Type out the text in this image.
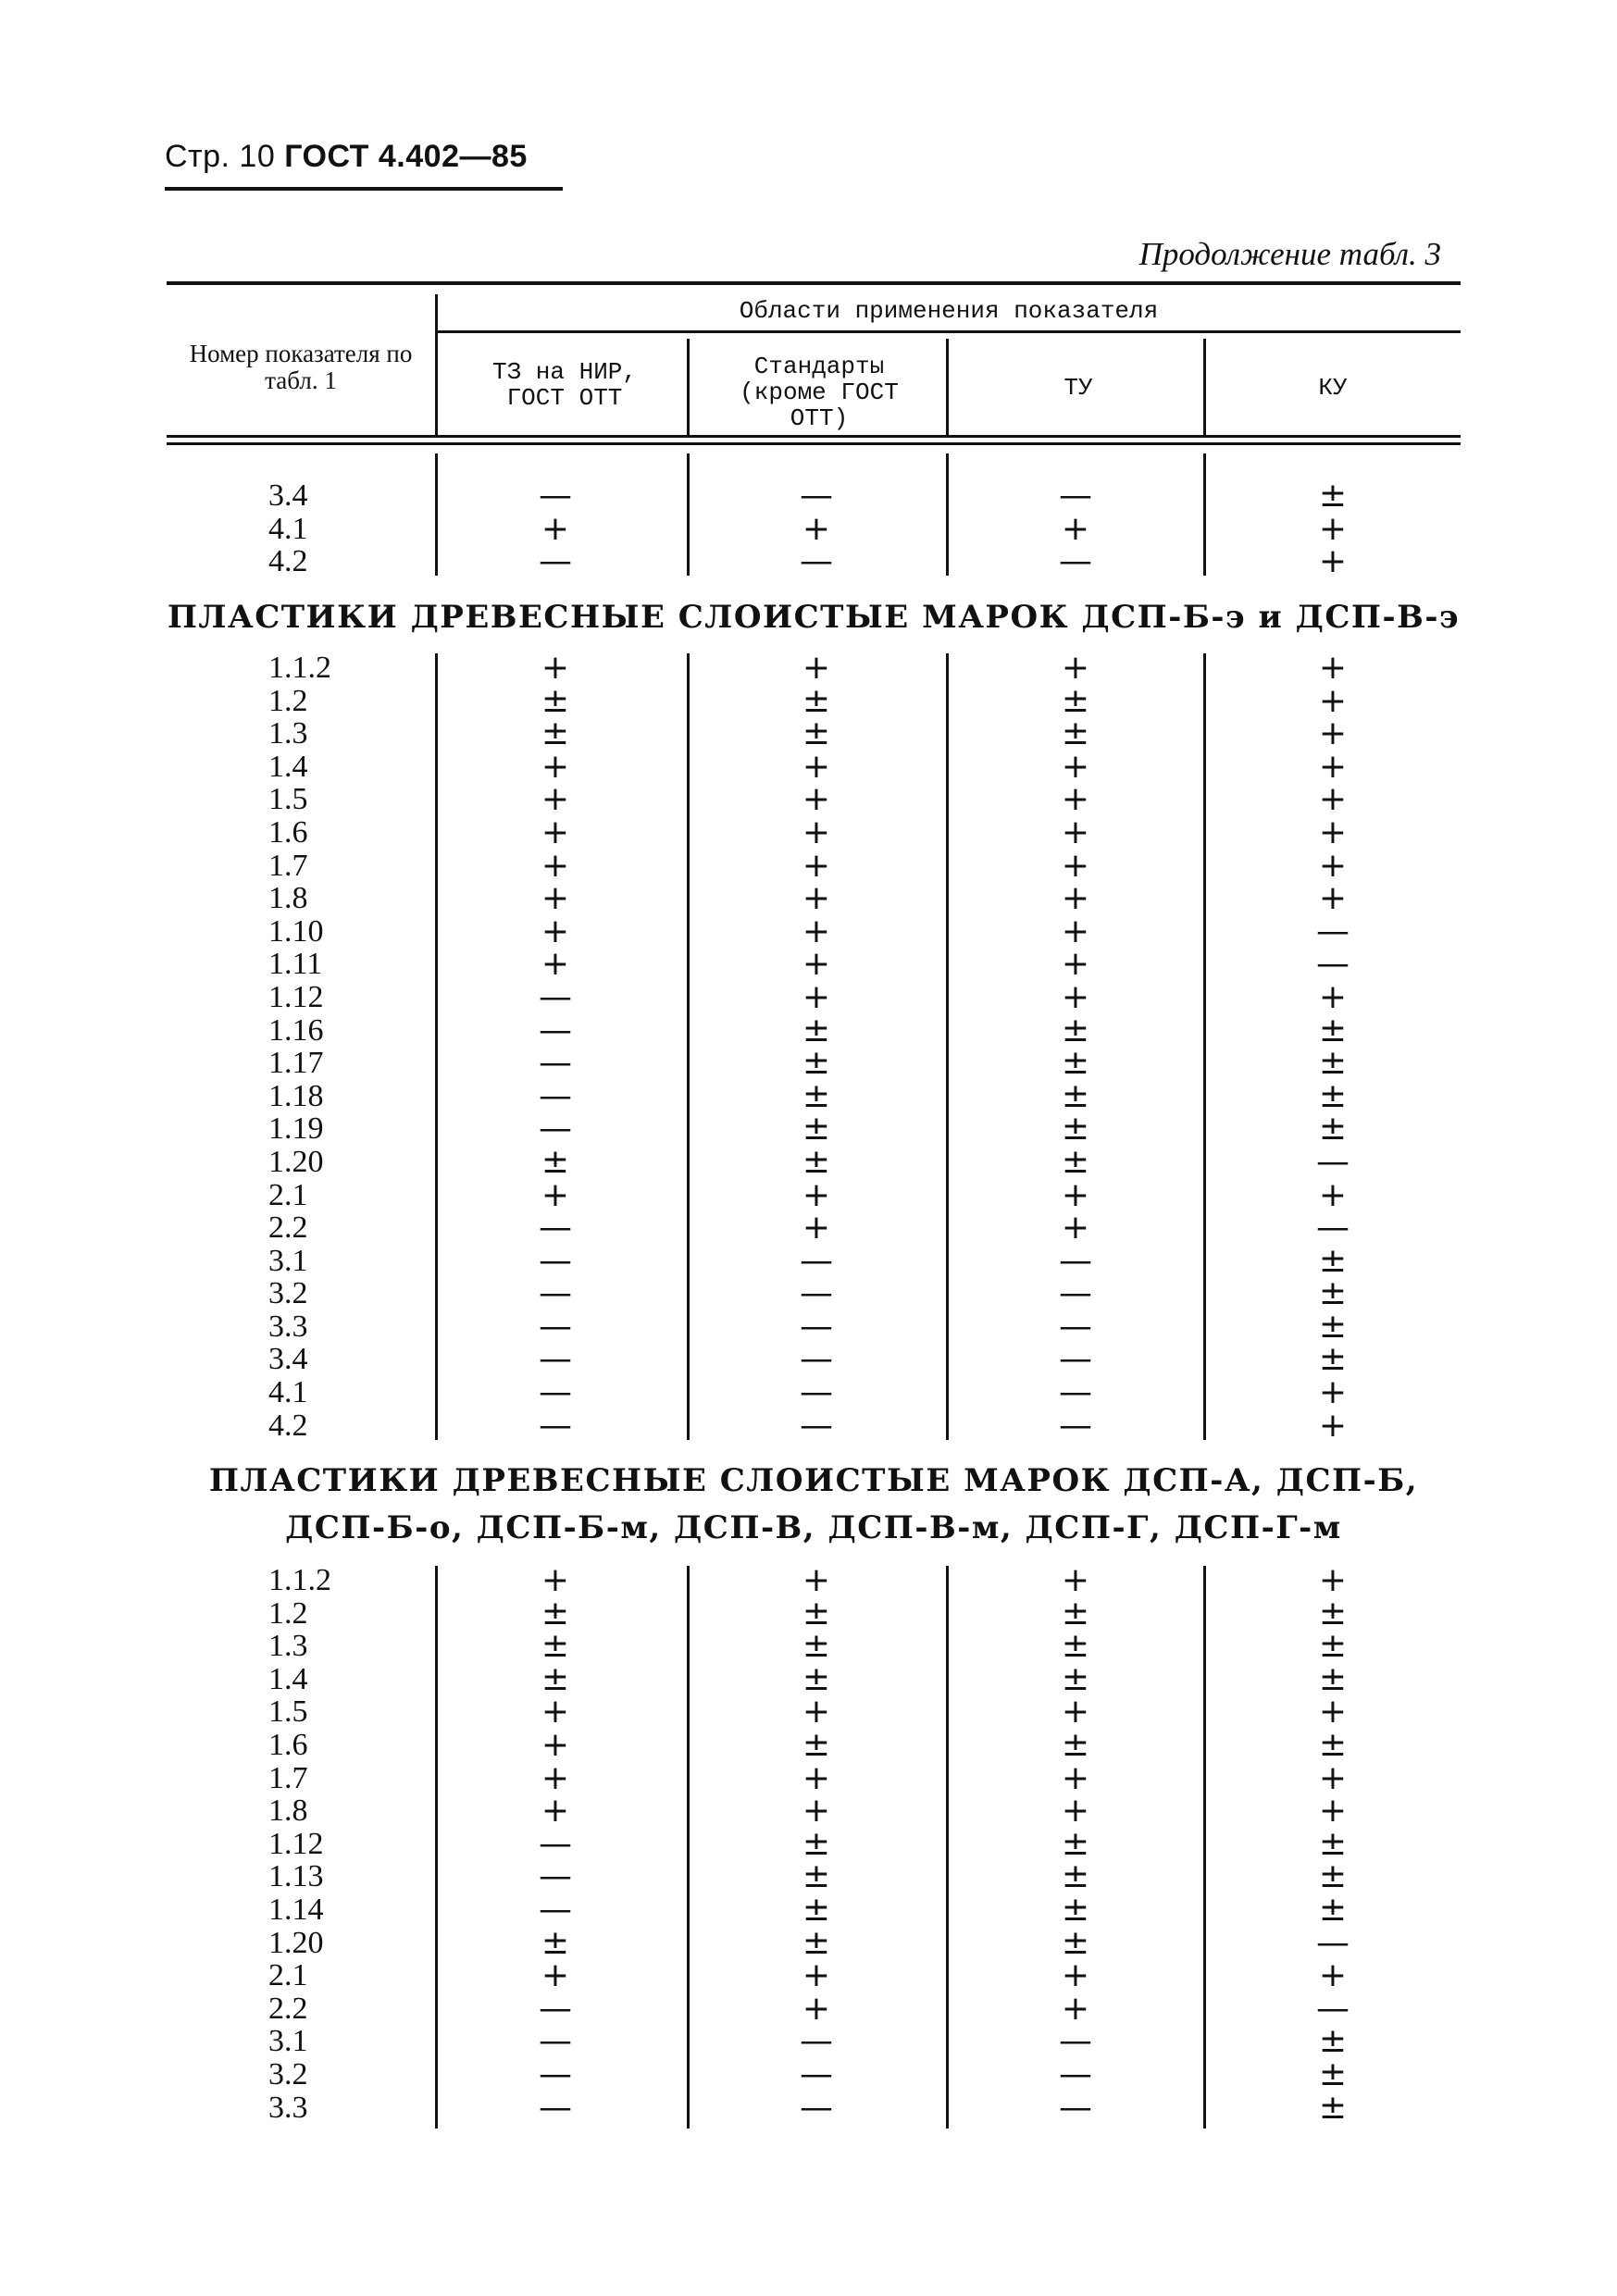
Стр. 10 ГОСТ 4.402—85
Продолжение табл. 3
Номер показателя по табл. 1
Области применения показателя
ТЗ на НИР, ГОСТ ОТТ
Стандарты (кроме ГОСТ ОТТ)
ТУ	КУ
3.4	—	—	—	±
4.1	+	+	+	+
4.2	—	—	—	+
ПЛАСТИКИ ДРЕВЕСНЫЕ СЛОИСТЫЕ МАРОК ДСП-Б-э и ДСП-В-э
1.1.2	+	+	+	+
1.2	±	±	±	+
1.3	±	±	±	+
1.4	+	+	+	+
1.5	+	+	+	+
1.6	+	+	+	+
1.7	+	+	+	+
1.8	+	+	+	+
1.10	+	+	+	—
1.11	+	+	+	—
1.12	—	+	+	+
1.16	—	±	±	±
1.17	—	±	±	±
1.18	—	±	±	±
1.19	—	±	±	±
1.20	±	±	±	—
2.1	+	+	+	+
2.2	—	+	+	—
3.1	—	—	—	±
3.2	—	—	—	±
3.3	—	—	—	±
3.4	—	—	—	±
4.1	—	—	—	+
4.2	—	—	—	+
ПЛАСТИКИ ДРЕВЕСНЫЕ СЛОИСТЫЕ МАРОК ДСП-А, ДСП-Б,
ДСП-Б-о, ДСП-Б-м, ДСП-В, ДСП-В-м, ДСП-Г, ДСП-Г-м
1.1.2	+	+	+	+
1.2	±	±	±	±
1.3	±	±	±	±
1.4	±	±	±	±
1.5	+	+	+	+
1.6	+	±	±	±
1.7	+	+	+	+
1.8	+	+	+	+
1.12	—	±	±	±
1.13	—	±	±	±
1.14	—	±	±	±
1.20	±	±	±	—
2.1	+	+	+	+
2.2	—	+	+	—
3.1	—	—	—	±
3.2	—	—	—	±
3.3	—	—	—	±
